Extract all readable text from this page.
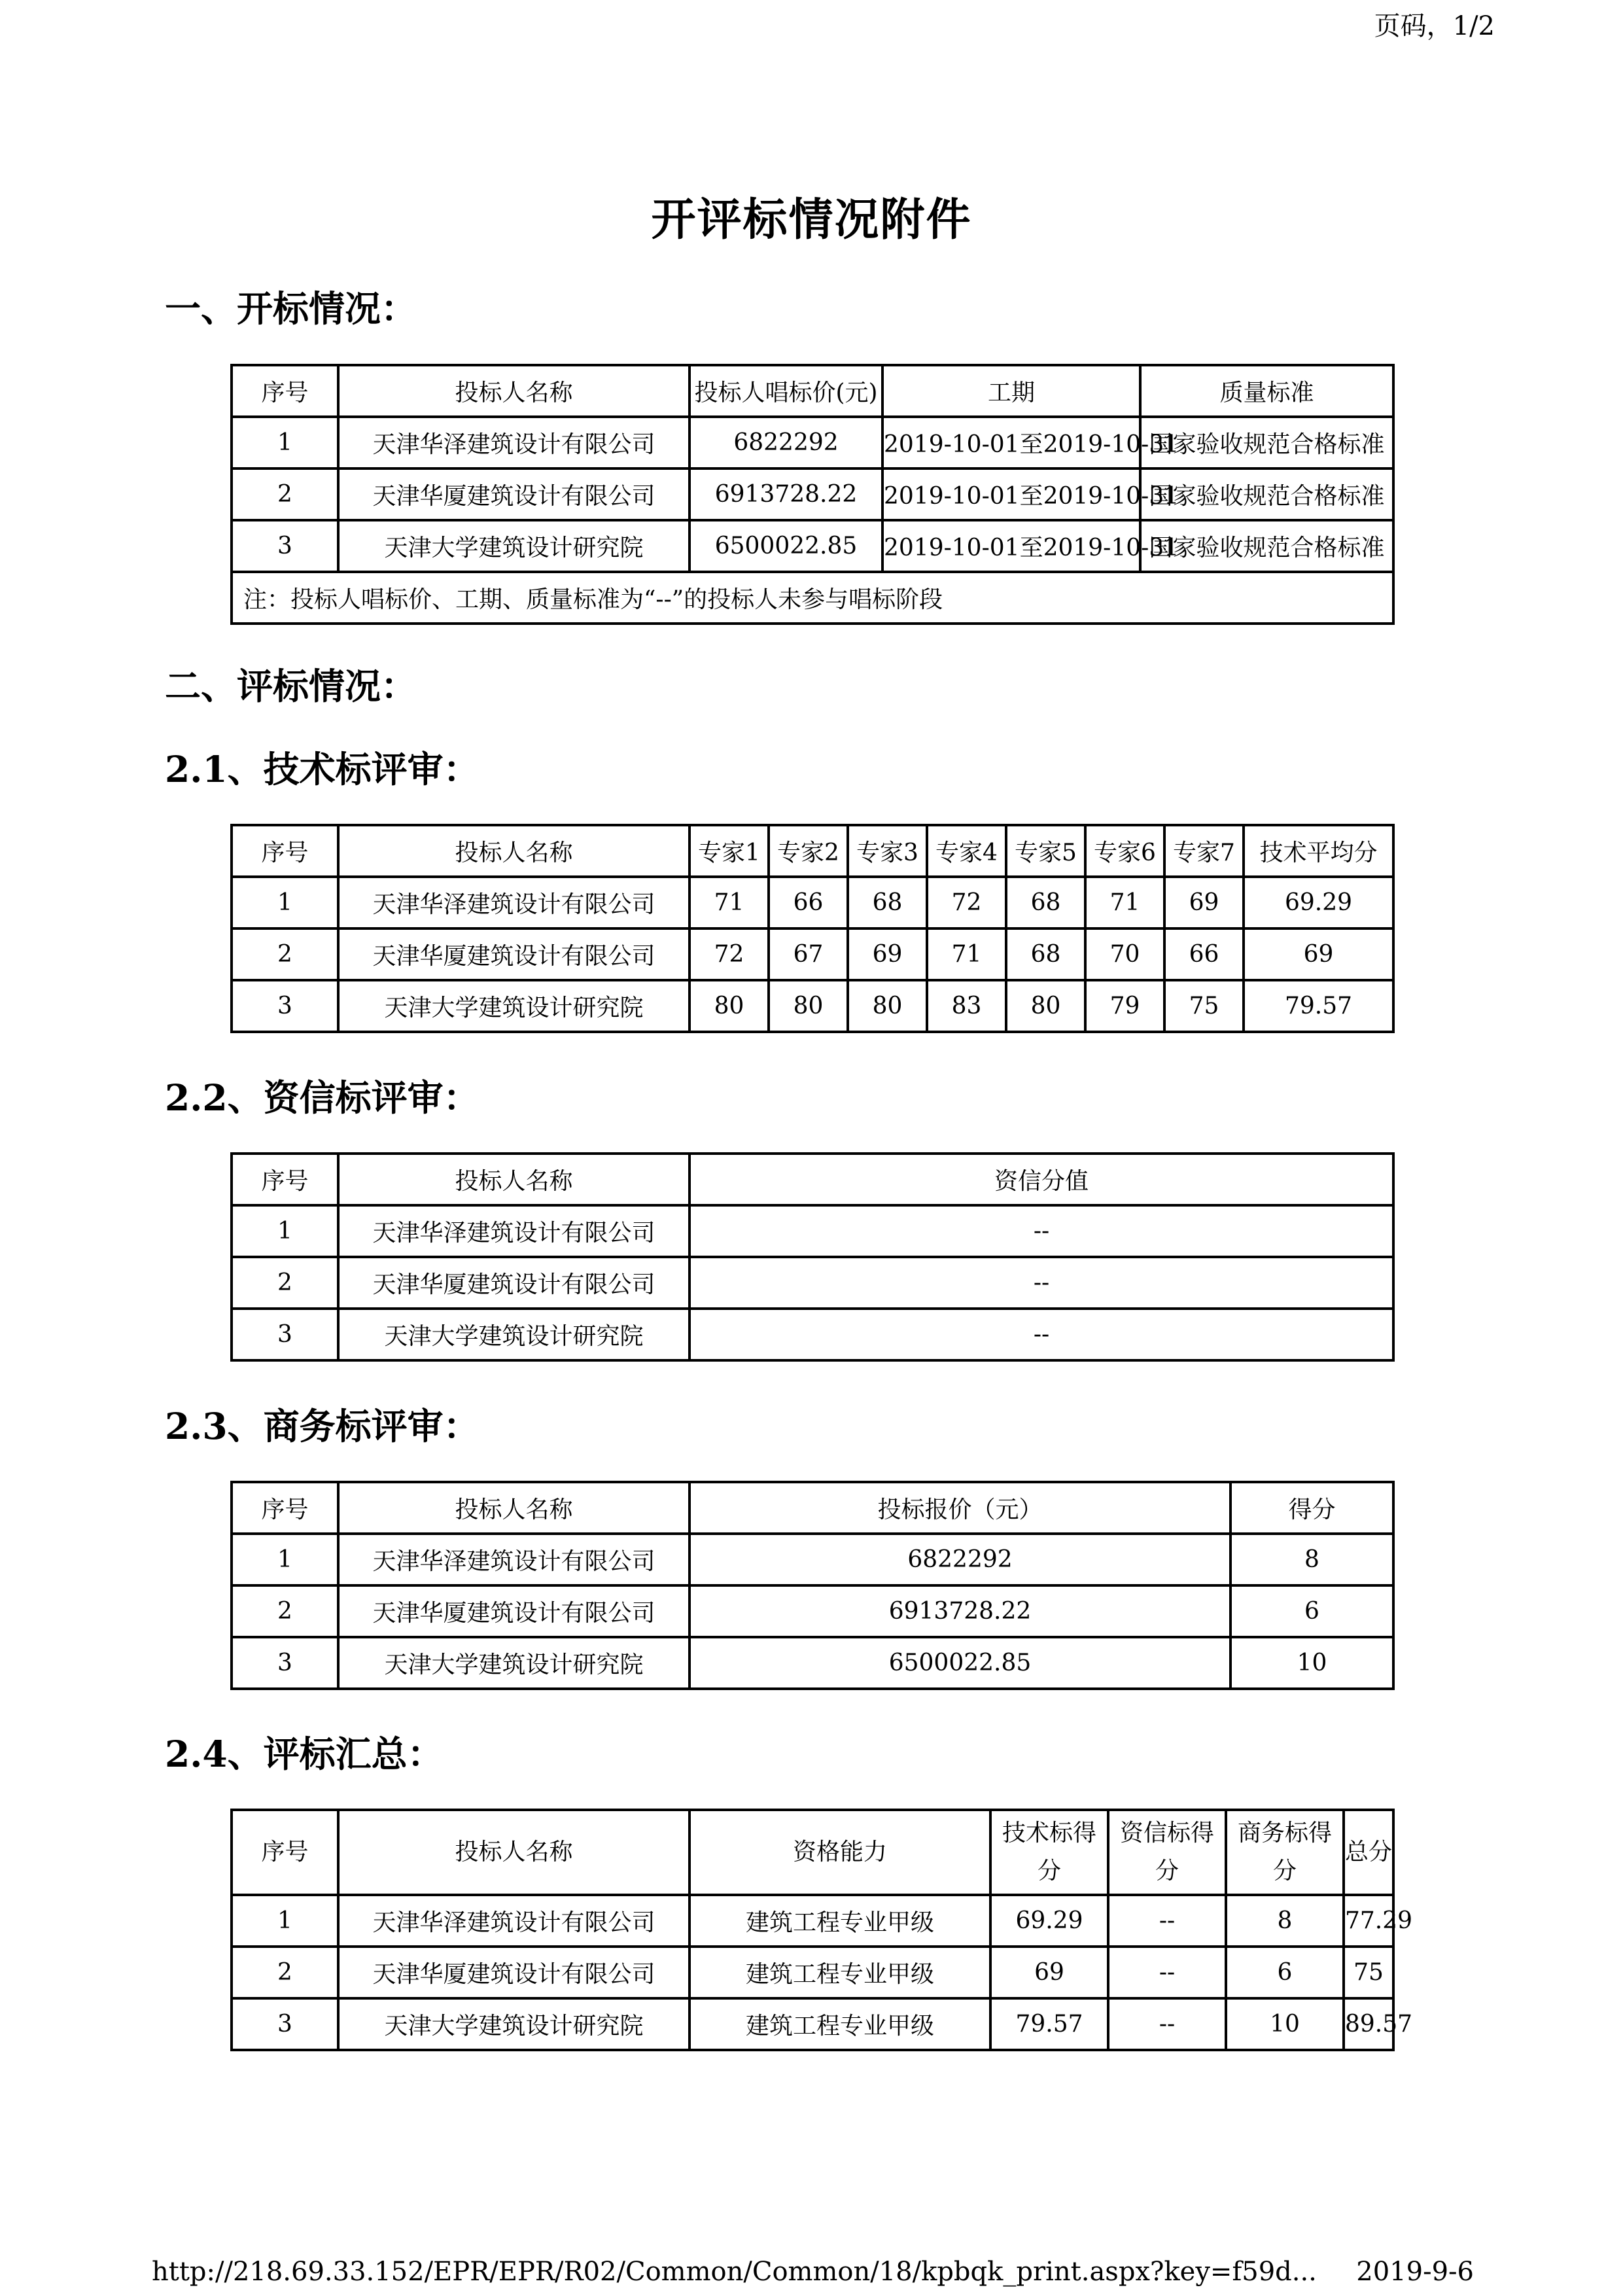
页码，1/2
开评标情况附件
一、开标情况：
序号	投标人名称	投标人唱标价(元)	工期	质量标准
1	天津华泽建筑设计有限公司	6822292	2019-10-01至2019-10-31	国家验收规范合格标准
2	天津华厦建筑设计有限公司	6913728.22	2019-10-01至2019-10-31	国家验收规范合格标准
3	天津大学建筑设计研究院	6500022.85	2019-10-01至2019-10-31	国家验收规范合格标准
注：投标人唱标价、工期、质量标准为“--”的投标人未参与唱标阶段				
二、评标情况：
2.1、技术标评审：
序号	投标人名称	专家1	专家2	专家3	专家4	专家5	专家6	专家7	技术平均分
1	天津华泽建筑设计有限公司	71	66	68	72	68	71	69	69.29
2	天津华厦建筑设计有限公司	72	67	69	71	68	70	66	69
3	天津大学建筑设计研究院	80	80	80	83	80	79	75	79.57
2.2、资信标评审：
序号	投标人名称	资信分值
1	天津华泽建筑设计有限公司	--
2	天津华厦建筑设计有限公司	--
3	天津大学建筑设计研究院	--
2.3、商务标评审：
序号	投标人名称	投标报价（元）	得分
1	天津华泽建筑设计有限公司	6822292	8
2	天津华厦建筑设计有限公司	6913728.22	6
3	天津大学建筑设计研究院	6500022.85	10
2.4、评标汇总：
序号	投标人名称	资格能力	技术标得分	资信标得分	商务标得分	总分
1	天津华泽建筑设计有限公司	建筑工程专业甲级	69.29	--	8	77.29
2	天津华厦建筑设计有限公司	建筑工程专业甲级	69	--	6	75
3	天津大学建筑设计研究院	建筑工程专业甲级	79.57	--	10	89.57
http://218.69.33.152/EPR/EPR/R02/Common/Common/18/kpbqk_print.aspx?key=f59d... 2019-9-6
